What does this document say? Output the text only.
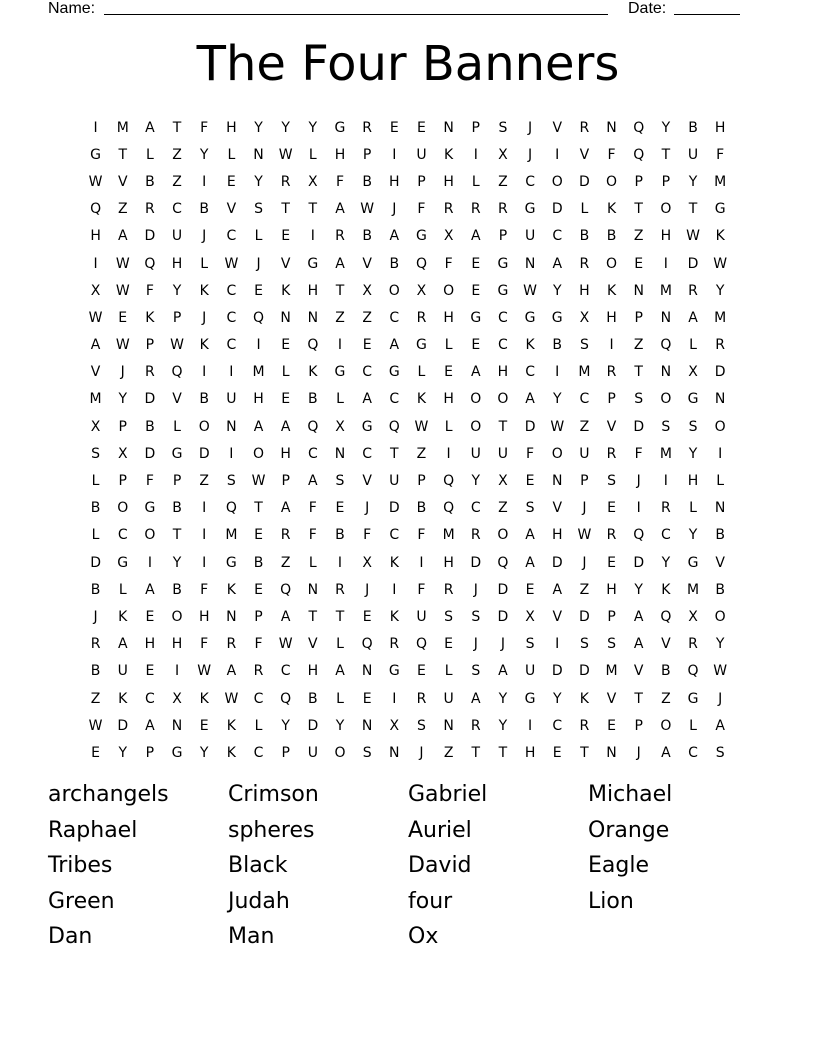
Name:	Date:
The Four Banners
I	M	A	T	F	H	Y	Y	Y	G	R	E	E	N	P	S	J	V	R	N	Q	Y	B	H
G	T	L	Z	Y	L	N	W	L	H	P	I	U	K	I	X	J	I	V	F	Q	T	U	F
W	V	B	Z	I	E	Y	R	X	F	B	H	P	H	L	Z	C	O	D	O	P	P	Y	M
Q	Z	R	C	B	V	S	T	T	A	W	J	F	R	R	R	G	D	L	K	T	O	T	G
H	A	D	U	J	C	L	E	I	R	B	A	G	X	A	P	U	C	B	B	Z	H	W	K
I	W	Q	H	L	W	J	V	G	A	V	B	Q	F	E	G	N	A	R	O	E	I	D	W
X	W	F	Y	K	C	E	K	H	T	X	O	X	O	E	G	W	Y	H	K	N	M	R	Y
W	E	K	P	J	C	Q	N	N	Z	Z	C	R	H	G	C	G	G	X	H	P	N	A	M
A	W	P	W	K	C	I	E	Q	I	E	A	G	L	E	C	K	B	S	I	Z	Q	L	R
V	J	R	Q	I	I	M	L	K	G	C	G	L	E	A	H	C	I	M	R	T	N	X	D
M	Y	D	V	B	U	H	E	B	L	A	C	K	H	O	O	A	Y	C	P	S	O	G	N
X	P	B	L	O	N	A	A	Q	X	G	Q	W	L	O	T	D	W	Z	V	D	S	S	O
S	X	D	G	D	I	O	H	C	N	C	T	Z	I	U	U	F	O	U	R	F	M	Y	I
L	P	F	P	Z	S	W	P	A	S	V	U	P	Q	Y	X	E	N	P	S	J	I	H	L
B	O	G	B	I	Q	T	A	F	E	J	D	B	Q	C	Z	S	V	J	E	I	R	L	N
L	C	O	T	I	M	E	R	F	B	F	C	F	M	R	O	A	H	W	R	Q	C	Y	B
D	G	I	Y	I	G	B	Z	L	I	X	K	I	H	D	Q	A	D	J	E	D	Y	G	V
B	L	A	B	F	K	E	Q	N	R	J	I	F	R	J	D	E	A	Z	H	Y	K	M	B
J	K	E	O	H	N	P	A	T	T	E	K	U	S	S	D	X	V	D	P	A	Q	X	O
R	A	H	H	F	R	F	W	V	L	Q	R	Q	E	J	J	S	I	S	S	A	V	R	Y
B	U	E	I	W	A	R	C	H	A	N	G	E	L	S	A	U	D	D	M	V	B	Q	W
Z	K	C	X	K	W	C	Q	B	L	E	I	R	U	A	Y	G	Y	K	V	T	Z	G	J
W	D	A	N	E	K	L	Y	D	Y	N	X	S	N	R	Y	I	C	R	E	P	O	L	A
E	Y	P	G	Y	K	C	P	U	O	S	N	J	Z	T	T	H	E	T	N	J	A	C	S
archangels	Crimson	Gabriel	Michael
Raphael	spheres	Auriel	Orange
Tribes	Black	David	Eagle
Green	Judah	four	Lion
Dan	Man	Ox
